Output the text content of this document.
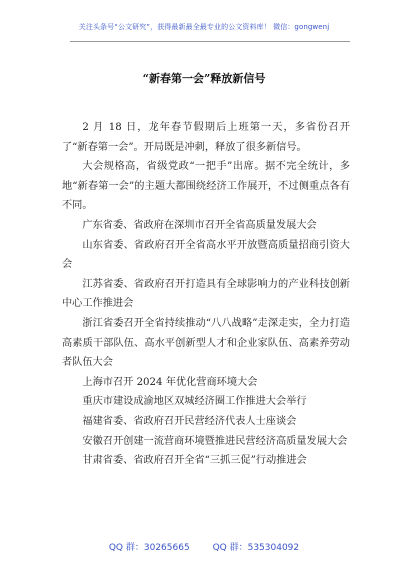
关注头条号“公文研究”，获得最新最全最专业的公文资料库！ 微信：gongwenj
“新春第一会”释放新信号

2 月 18 日，龙年春节假期后上班第一天，多省份召开了“新春第一会”。开局既是冲刺，释放了很多新信号。

大会规格高，省级党政“一把手”出席。据不完全统计，多地“新春第一会”的主题大都围绕经济工作展开，不过侧重点各有不同。

广东省委、省政府在深圳市召开全省高质量发展大会

山东省委、省政府召开全省高水平开放暨高质量招商引资大会

江苏省委、省政府召开打造具有全球影响力的产业科技创新中心工作推进会

浙江省委召开全省持续推动“八八战略”走深走实，全力打造高素质干部队伍、高水平创新型人才和企业家队伍、高素养劳动者队伍大会

上海市召开 2024 年优化营商环境大会

重庆市建设成渝地区双城经济圈工作推进大会举行

福建省委、省政府召开民营经济代表人士座谈会

安徽召开创建一流营商环境暨推进民营经济高质量发展大会

甘肃省委、省政府召开全省“三抓三促”行动推进会

QQ 群：30265665	QQ 群：535304092
